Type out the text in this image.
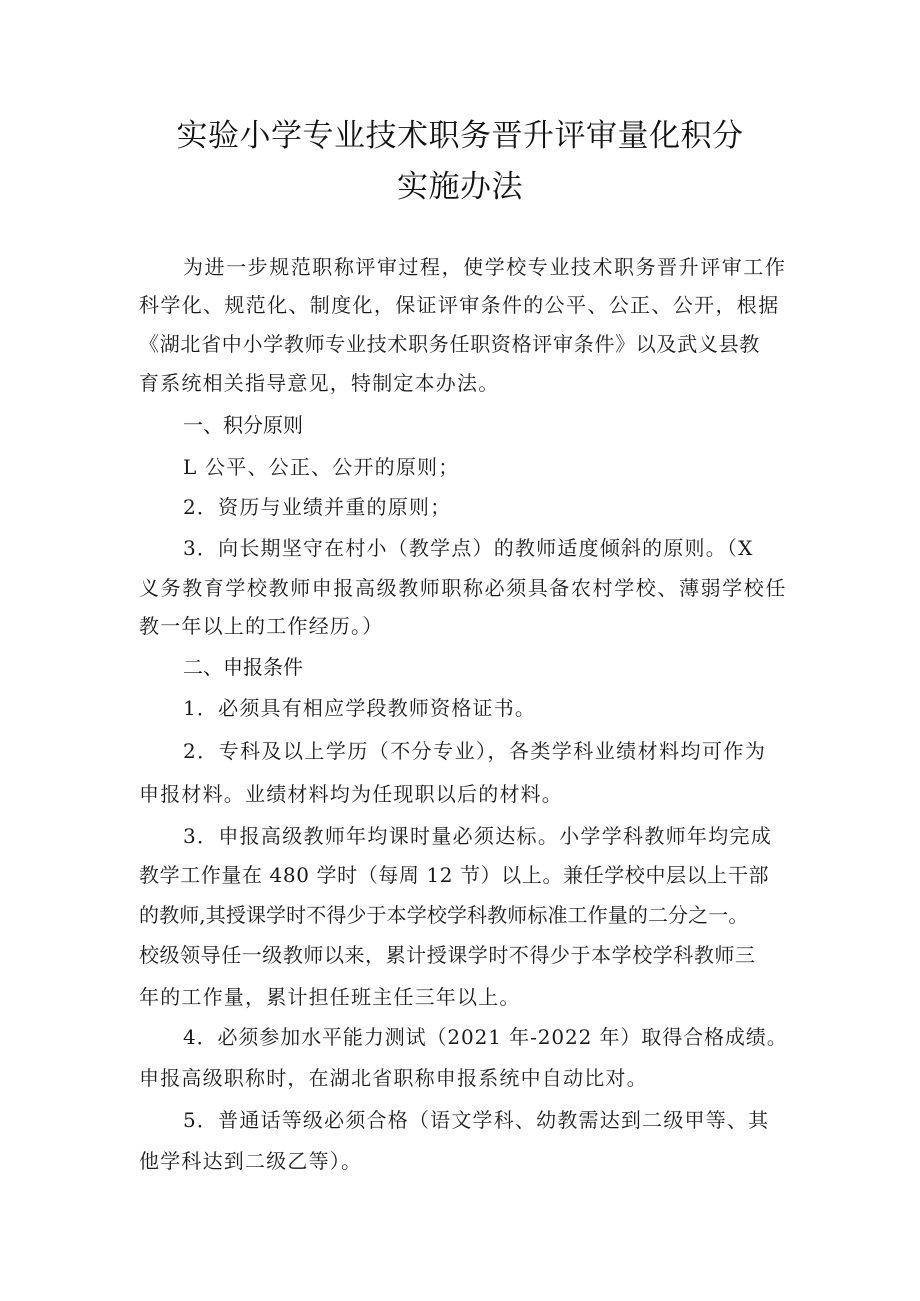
实验小学专业技术职务晋升评审量化积分
实施办法
为进一步规范职称评审过程，使学校专业技术职务晋升评审工作
科学化、规范化、制度化，保证评审条件的公平、公正、公开，根据
《湖北省中小学教师专业技术职务任职资格评审条件》以及武义县教
育系统相关指导意见，特制定本办法。
一、积分原则
L 公平、公正、公开的原则；
2．资历与业绩并重的原则；
3．向长期坚守在村小（教学点）的教师适度倾斜的原则。（X
义务教育学校教师申报高级教师职称必须具备农村学校、薄弱学校任
教一年以上的工作经历。）
二、申报条件
1．必须具有相应学段教师资格证书。
2．专科及以上学历（不分专业），各类学科业绩材料均可作为
申报材料。业绩材料均为任现职以后的材料。
3．申报高级教师年均课时量必须达标。小学学科教师年均完成
教学工作量在 480 学时（每周 12 节）以上。兼任学校中层以上干部
的教师,其授课学时不得少于本学校学科教师标准工作量的二分之一。
校级领导任一级教师以来，累计授课学时不得少于本学校学科教师三
年的工作量，累计担任班主任三年以上。
4．必须参加水平能力测试（2021 年-2022 年）取得合格成绩。
申报高级职称时，在湖北省职称申报系统中自动比对。
5．普通话等级必须合格（语文学科、幼教需达到二级甲等、其
他学科达到二级乙等）。
